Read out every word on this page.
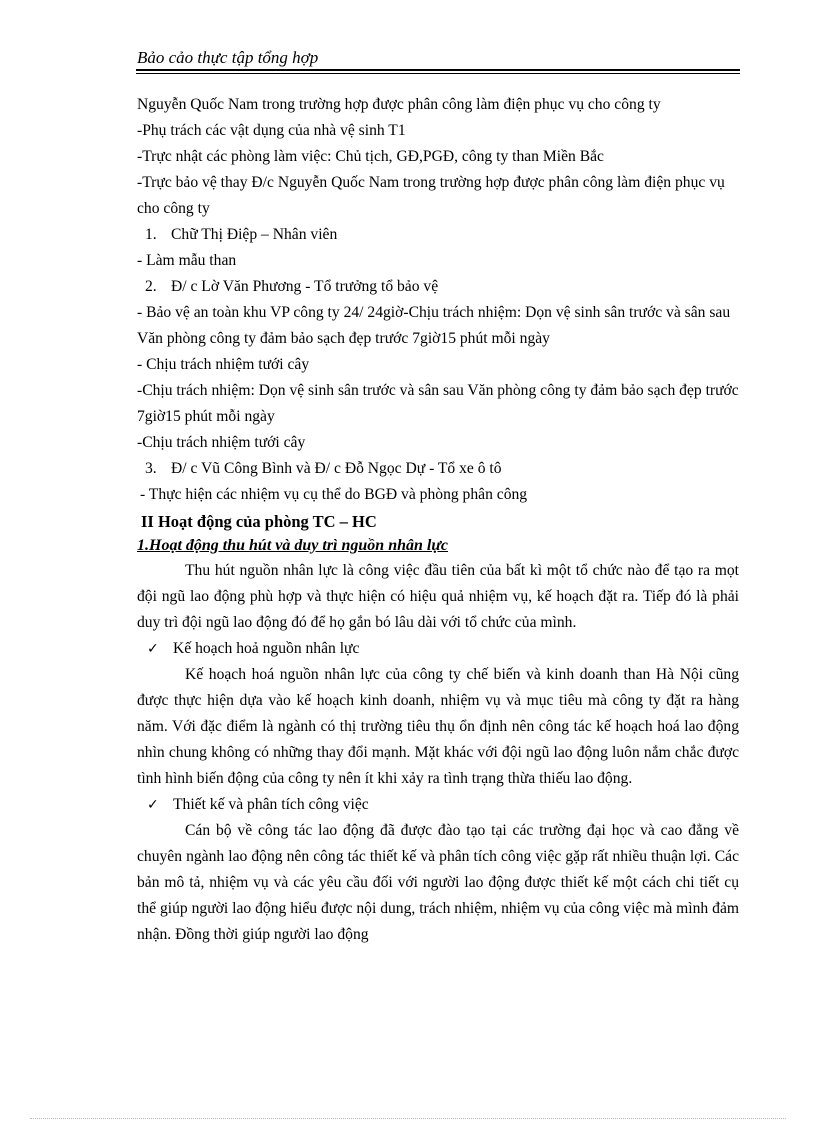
Bảo cảo thực tập tổng hợp

Nguyễn Quốc Nam trong trường hợp được phân công làm điện phục vụ cho công ty

-Phụ trách các vật dụng của nhà vệ sinh T1

-Trực nhật các phòng làm việc: Chủ tịch, GĐ,PGĐ, công ty than Miền Bắc

-Trực bảo vệ thay Đ/c Nguyễn Quốc Nam trong trường hợp được phân công làm điện phục vụ cho công ty

1. Chữ Thị Điệp – Nhân viên

- Làm mẫu than

2. Đ/ c Lờ Văn Phương - Tổ trưởng tổ bảo vệ

- Bảo vệ an toàn khu VP công ty 24/ 24giờ-Chịu trách nhiệm: Dọn vệ sinh sân trước và sân sau Văn phòng công ty đảm bảo sạch đẹp trước 7giờ15 phút mỗi ngày

- Chịu trách nhiệm tưới cây

-Chịu trách nhiệm: Dọn vệ sinh sân trước và sân sau Văn phòng công ty đảm bảo sạch đẹp trước 7giờ15 phút mỗi ngày

-Chịu trách nhiệm tưới cây

3. Đ/ c Vũ Công Bình và Đ/ c Đỗ Ngọc Dự - Tổ xe ô tô

- Thực hiện các nhiệm vụ cụ thể do BGĐ và phòng phân công

II Hoạt động của phòng TC – HC

1.Hoạt động thu hút và duy trì nguồn nhân lực

Thu hút nguồn nhân lực là công việc đầu tiên của bất kì một tổ chức nào để tạo ra mọt đội ngũ lao động phù hợp và thực hiện có hiệu quả nhiệm vụ, kế hoạch đặt ra. Tiếp đó là phải duy trì đội ngũ lao động đó để họ gắn bó lâu dài với tổ chức của mình.

✓ Kế hoạch hoả nguồn nhân lực

Kế hoạch hoá nguồn nhân lực của công ty chế biến và kinh doanh than Hà Nội cũng được thực hiện dựa vào kế hoạch kinh doanh, nhiệm vụ và mục tiêu mà công ty đặt ra hàng năm. Với đặc điểm là ngành có thị trường tiêu thụ ổn định nên công tác kế hoạch hoá lao động nhìn chung không có những thay đổi mạnh. Mặt khác với đội ngũ lao động luôn nắm chắc được tình hình biến động của công ty nên ít khi xảy ra tình trạng thừa thiếu lao động.

✓ Thiết kế và phân tích công việc

Cán bộ về công tác lao động đã được đào tạo tại các trường đại học và cao đẳng về chuyên ngành lao động nên công tác thiết kế và phân tích công việc gặp rất nhiều thuận lợi. Các bản mô tả, nhiệm vụ và các yêu cầu đối với người lao động được thiết kế một cách chi tiết cụ thể giúp người lao động hiểu được nội dung, trách nhiệm, nhiệm vụ của công việc mà mình đảm nhận. Đồng thời giúp người lao động
